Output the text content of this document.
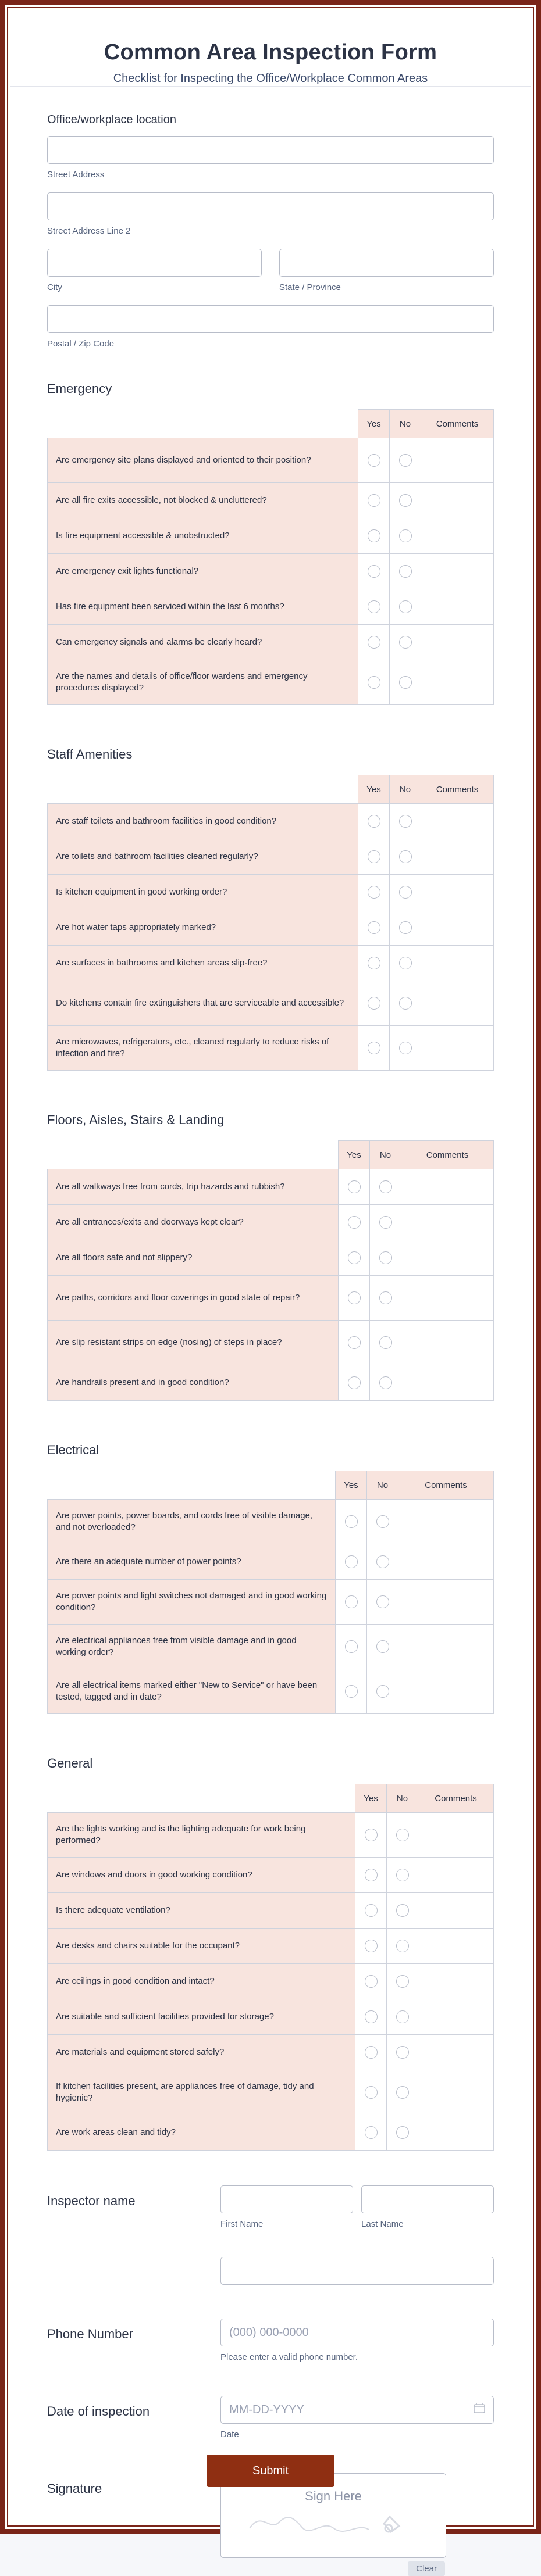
Common Area Inspection Form

Checklist for Inspecting the Office/Workplace Common Areas

Office/workplace location
Street Address
Street Address Line 2
City	State / Province
Postal / Zip Code
Emergency
	Yes	No	Comments
Are emergency site plans displayed and oriented to their position?	

Are all fire exits accessible, not blocked & uncluttered?	

Is fire equipment accessible & unobstructed?	

Are emergency exit lights functional?	

Has fire equipment been serviced within the last 6 months?	

Can emergency signals and alarms be clearly heard?	

Are the names and details of office/floor wardens and emergency procedures displayed?	

Staff Amenities
	Yes	No	Comments
Are staff toilets and bathroom facilities in good condition?	

Are toilets and bathroom facilities cleaned regularly?	

Is kitchen equipment in good working order?	

Are hot water taps appropriately marked?	

Are surfaces in bathrooms and kitchen areas slip-free?	

Do kitchens contain fire extinguishers that are serviceable and accessible?	

Are microwaves, refrigerators, etc., cleaned regularly to reduce risks of infection and fire?	

Floors, Aisles, Stairs & Landing
	Yes	No	Comments
Are all walkways free from cords, trip hazards and rubbish?	

Are all entrances/exits and doorways kept clear?	

Are all floors safe and not slippery?	

Are paths, corridors and floor coverings in good state of repair?	

Are slip resistant strips on edge (nosing) of steps in place?	

Are handrails present and in good condition?	

Electrical
	Yes	No	Comments
Are power points, power boards, and cords free of visible damage, and not overloaded?	

Are there an adequate number of power points?	

Are power points and light switches not damaged and in good working condition?	

Are electrical appliances free from visible damage and in good working order?	

Are all electrical items marked either "New to Service" or have been tested, tagged and in date?	

General
	Yes	No	Comments
Are the lights working and is the lighting adequate for work being performed?	

Are windows and doors in good working condition?	

Is there adequate ventilation?	

Are desks and chairs suitable for the occupant?	

Are ceilings in good condition and intact?	

Are suitable and sufficient facilities provided for storage?	

Are materials and equipment stored safely?	

If kitchen facilities present, are appliances free of damage, tidy and hygienic?	

Are work areas clean and tidy?	

Inspector name
First Name	Last Name
Phone Number	(000) 000-0000
Please enter a valid phone number.
Date of inspection	MM-DD-YYYY
Date
Signature
Sign Here
Clear
Submit
